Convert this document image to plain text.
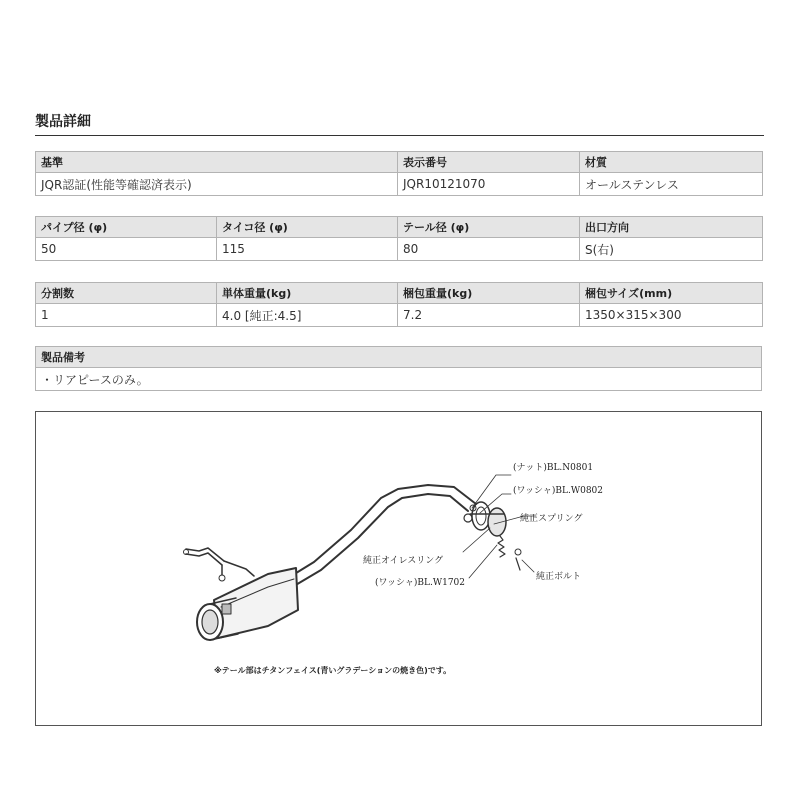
製品詳細
基準	表示番号	材質
JQR認証(性能等確認済表示)	JQR10121070	オールステンレス
パイプ径 (φ)	タイコ径 (φ)	テール径 (φ)	出口方向
50	115	80	S(右)
分割数	単体重量(kg)	梱包重量(kg)	梱包サイズ(mm)
1	4.0 [純正:4.5]	7.2	1350×315×300
製品備考
・リアピースのみ。
(ナット)BL.N0801
(ワッシャ)BL.W0802
純正スプリング
純正オイレスリング
(ワッシャ)BL.W1702
純正ボルト
※テール部はチタンフェイス(青いグラデーションの焼き色)です。
